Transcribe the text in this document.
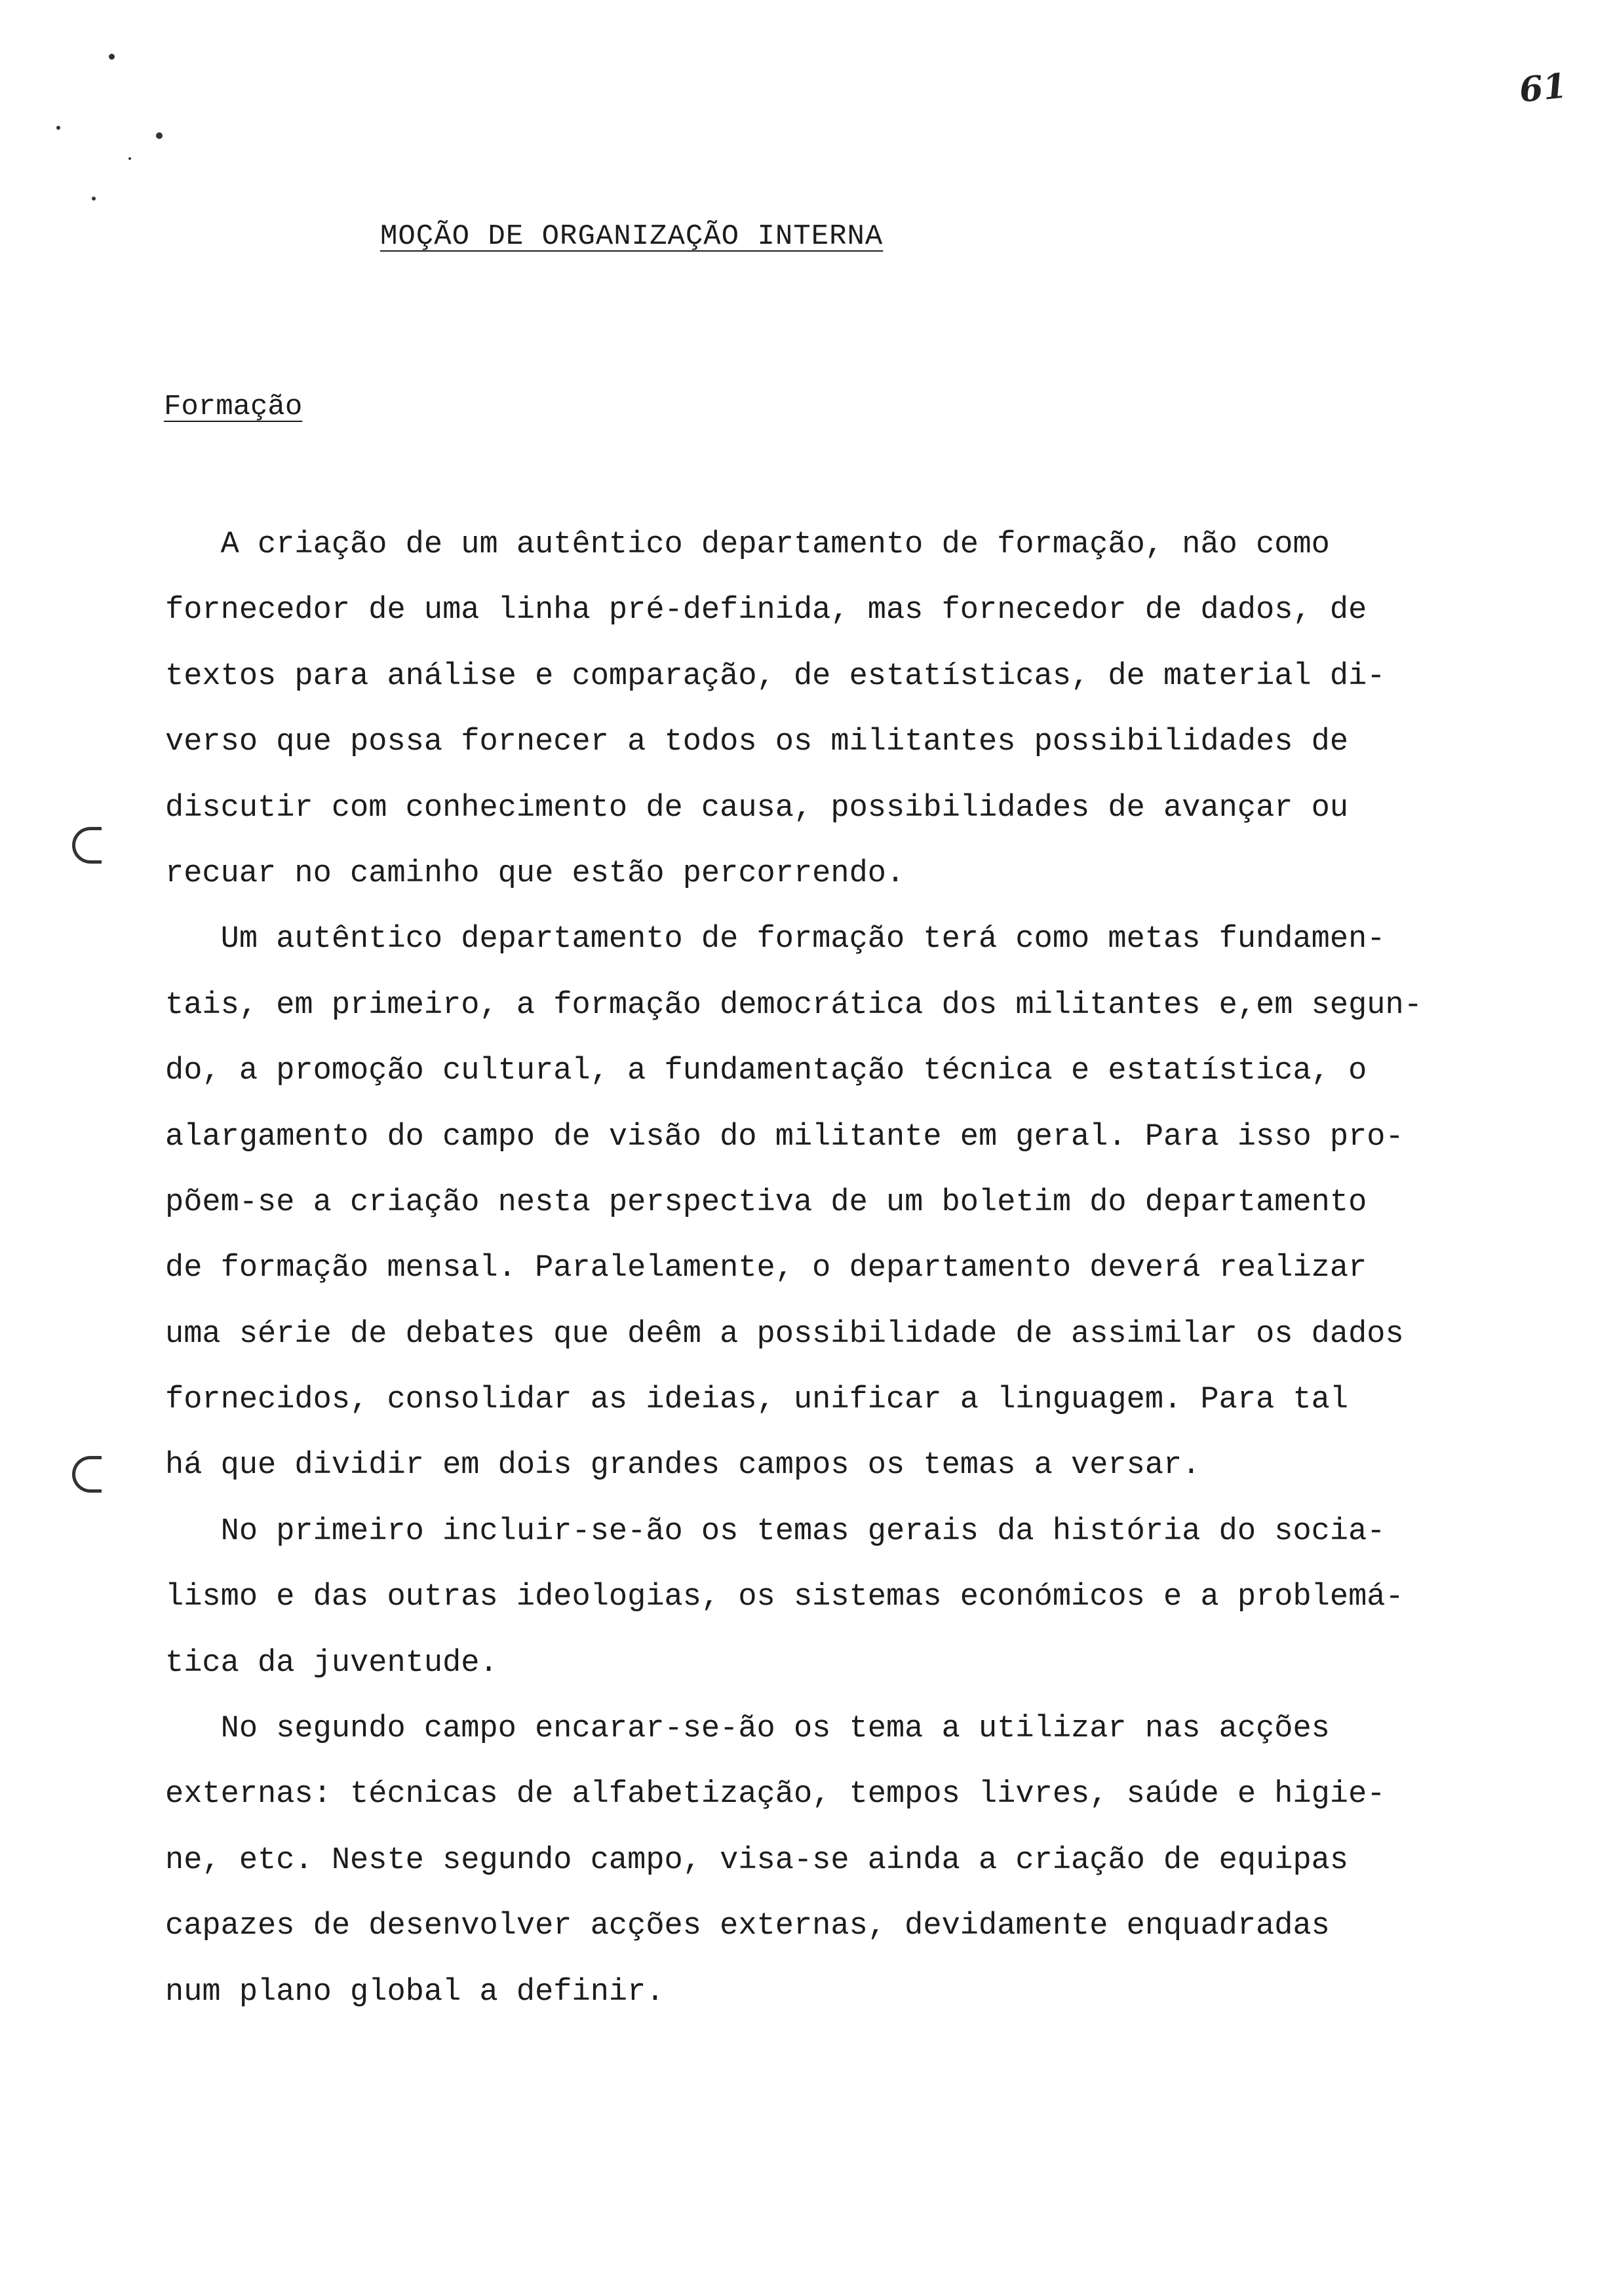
61
MOÇÃO DE ORGANIZAÇÃO INTERNA
Formação
A criação de um autêntico departamento de formação, não como
fornecedor de uma linha pré-definida, mas fornecedor de dados, de
textos para análise e comparação, de estatísticas, de material di-
verso que possa fornecer a todos os militantes possibilidades de
discutir com conhecimento de causa, possibilidades de avançar ou
recuar no caminho que estão percorrendo.
Um autêntico departamento de formação terá como metas fundamen-
tais, em primeiro, a formação democrática dos militantes e,em segun-
do, a promoção cultural, a fundamentação técnica e estatística, o
alargamento do campo de visão do militante em geral. Para isso pro-
põem-se a criação nesta perspectiva de um boletim do departamento
de formação mensal. Paralelamente, o departamento deverá realizar
uma série de debates que deêm a possibilidade de assimilar os dados
fornecidos, consolidar as ideias, unificar a linguagem. Para tal
há que dividir em dois grandes campos os temas a versar.
No primeiro incluir-se-ão os temas gerais da história do socia-
lismo e das outras ideologias, os sistemas económicos e a problemá-
tica da juventude.
No segundo campo encarar-se-ão os tema a utilizar nas acções
externas: técnicas de alfabetização, tempos livres, saúde e higie-
ne, etc. Neste segundo campo, visa-se ainda a criação de equipas
capazes de desenvolver acções externas, devidamente enquadradas
num plano global a definir.
